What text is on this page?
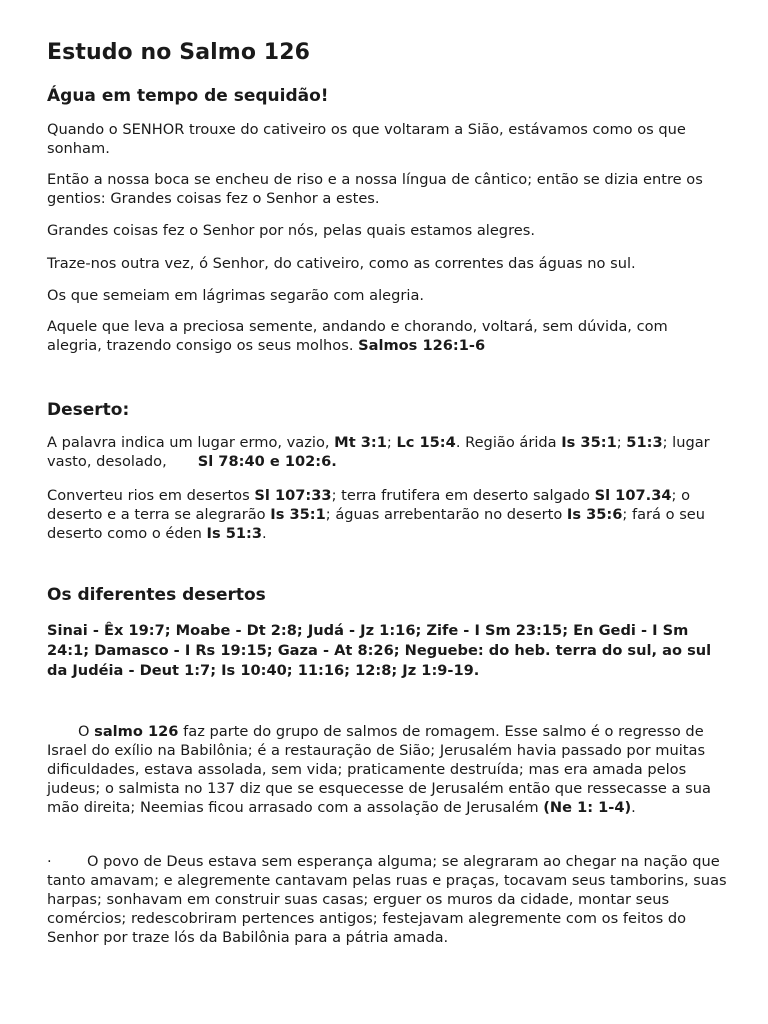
Estudo no Salmo 126
Água em tempo de sequidão!

Quando o SENHOR trouxe do cativeiro os que voltaram a Sião, estávamos como os que sonham.

Então a nossa boca se encheu de riso e a nossa língua de cântico; então se dizia entre os gentios: Grandes coisas fez o Senhor a estes.

Grandes coisas fez o Senhor por nós, pelas quais estamos alegres.

Traze-nos outra vez, ó Senhor, do cativeiro, como as correntes das águas no sul.

Os que semeiam em lágrimas segarão com alegria.

Aquele que leva a preciosa semente, andando e chorando, voltará, sem dúvida, com alegria, trazendo consigo os seus molhos. Salmos 126:1-6

Deserto:

A palavra indica um lugar ermo, vazio, Mt 3:1; Lc 15:4. Região árida Is 35:1; 51:3; lugar vasto, desolado, Sl 78:40 e 102:6.

Converteu rios em desertos Sl 107:33; terra frutifera em deserto salgado Sl 107.34; o deserto e a terra se alegrarão Is 35:1; águas arrebentarão no deserto Is 35:6; fará o seu deserto como o éden Is 51:3.

Os diferentes desertos

Sinai - Êx 19:7; Moabe - Dt 2:8; Judá - Jz 1:16; Zife - I Sm 23:15; En Gedi - I Sm 24:1; Damasco - I Rs 19:15; Gaza - At 8:26; Neguebe: do heb. terra do sul, ao sul da Judéia - Deut 1:7; Is 10:40; 11:16; 12:8; Jz 1:9-19.

O salmo 126 faz parte do grupo de salmos de romagem. Esse salmo é o regresso de Israel do exílio na Babilônia; é a restauração de Sião; Jerusalém havia passado por muitas dificuldades, estava assolada, sem vida; praticamente destruída; mas era amada pelos judeus; o salmista no 137 diz que se esquecesse de Jerusalém então que ressecasse a sua mão direita; Neemias ficou arrasado com a assolação de Jerusalém (Ne 1: 1-4).

· O povo de Deus estava sem esperança alguma; se alegraram ao chegar na nação que tanto amavam; e alegremente cantavam pelas ruas e praças, tocavam seus tamborins, suas harpas; sonhavam em construir suas casas; erguer os muros da cidade, montar seus comércios; redescobriram pertences antigos; festejavam alegremente com os feitos do Senhor por traze lós da Babilônia para a pátria amada.
